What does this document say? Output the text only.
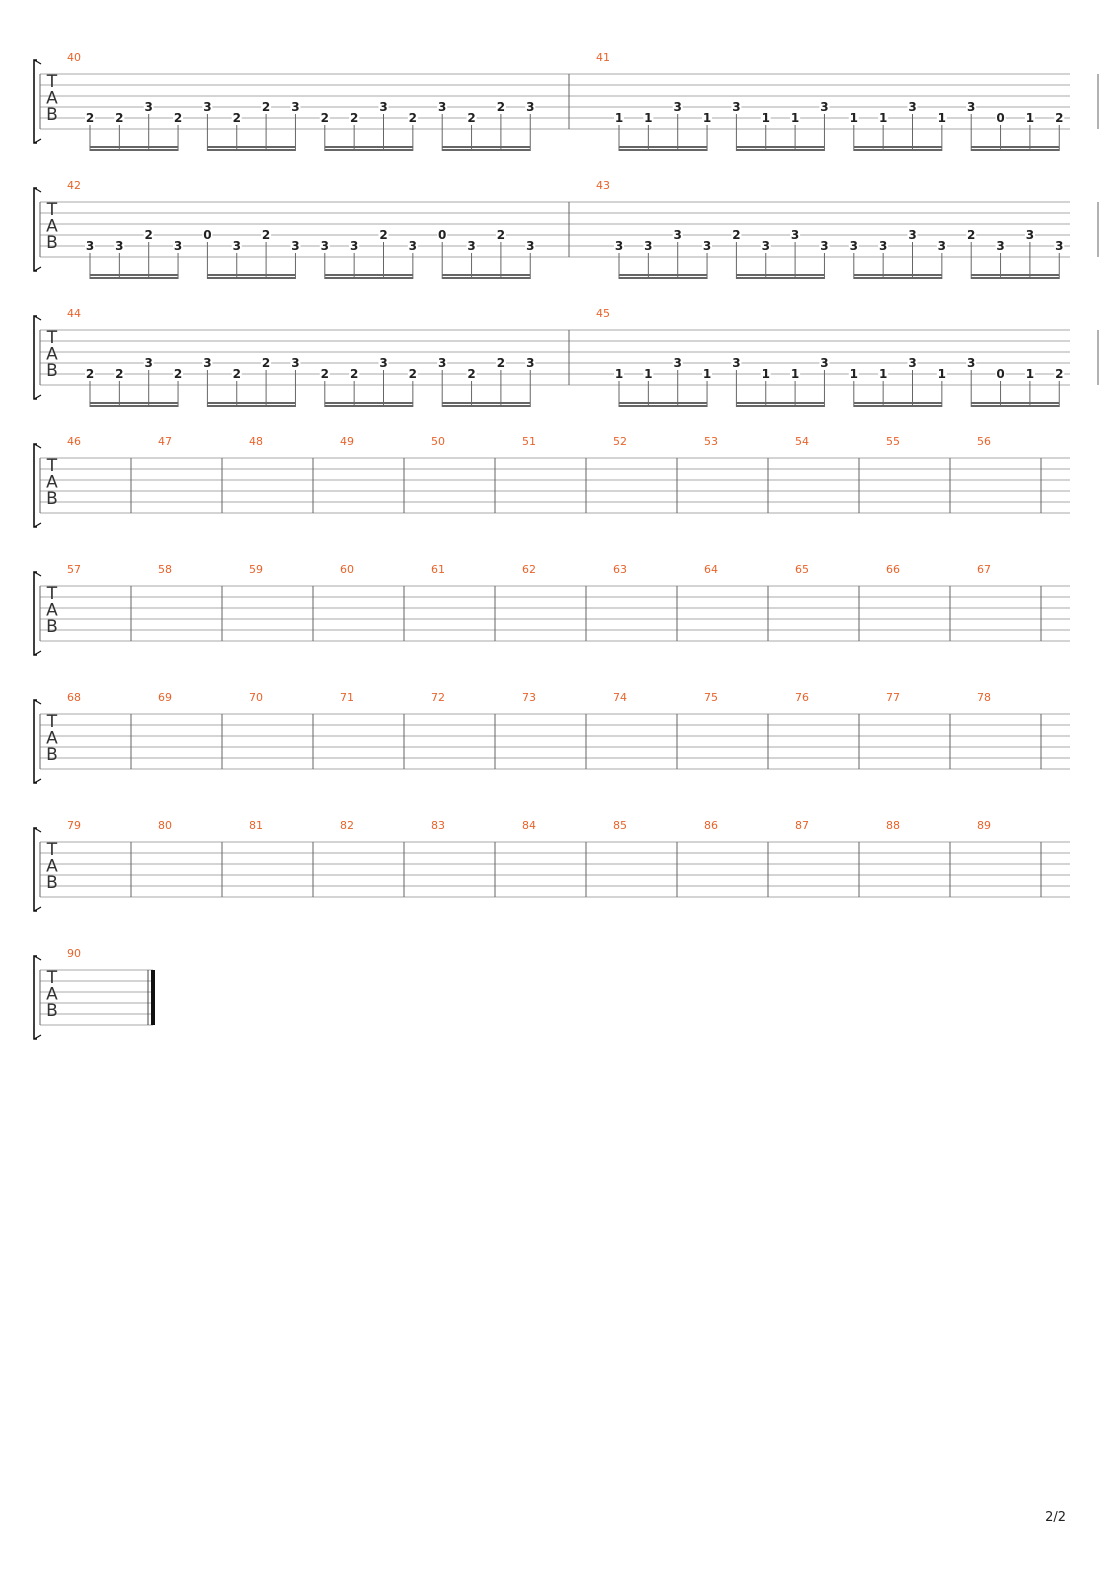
T
A
B
40
2 2
3
2
3
2
2 3
2 2
3
2
3
2
2 3
41
1 1
3
1
3
1 1
3
1 1
3
1
3
0 1 2
T
A
B
42
3 3
2
3
0
3
2
3 3 3
2
3
0
3
2
3
43
3 3
3
3
2
3
3
3 3 3
3
3
2
3
3
3
T
A
B
44
2 2
3
2
3
2
2 3
2 2
3
2
3
2
2 3
45
1 1
3
1
3
1 1
3
1 1
3
1
3
0 1 2
T
A
B
46	47	48	49	50	51	52	53	54	55	56
T
A
B
57	58	59	60	61	62	63	64	65	66	67
T
A
B
68	69	70	71	72	73	74	75	76	77	78
T
A
B
79	80	81	82	83	84	85	86	87	88	89
T
A
B
90
2/2
